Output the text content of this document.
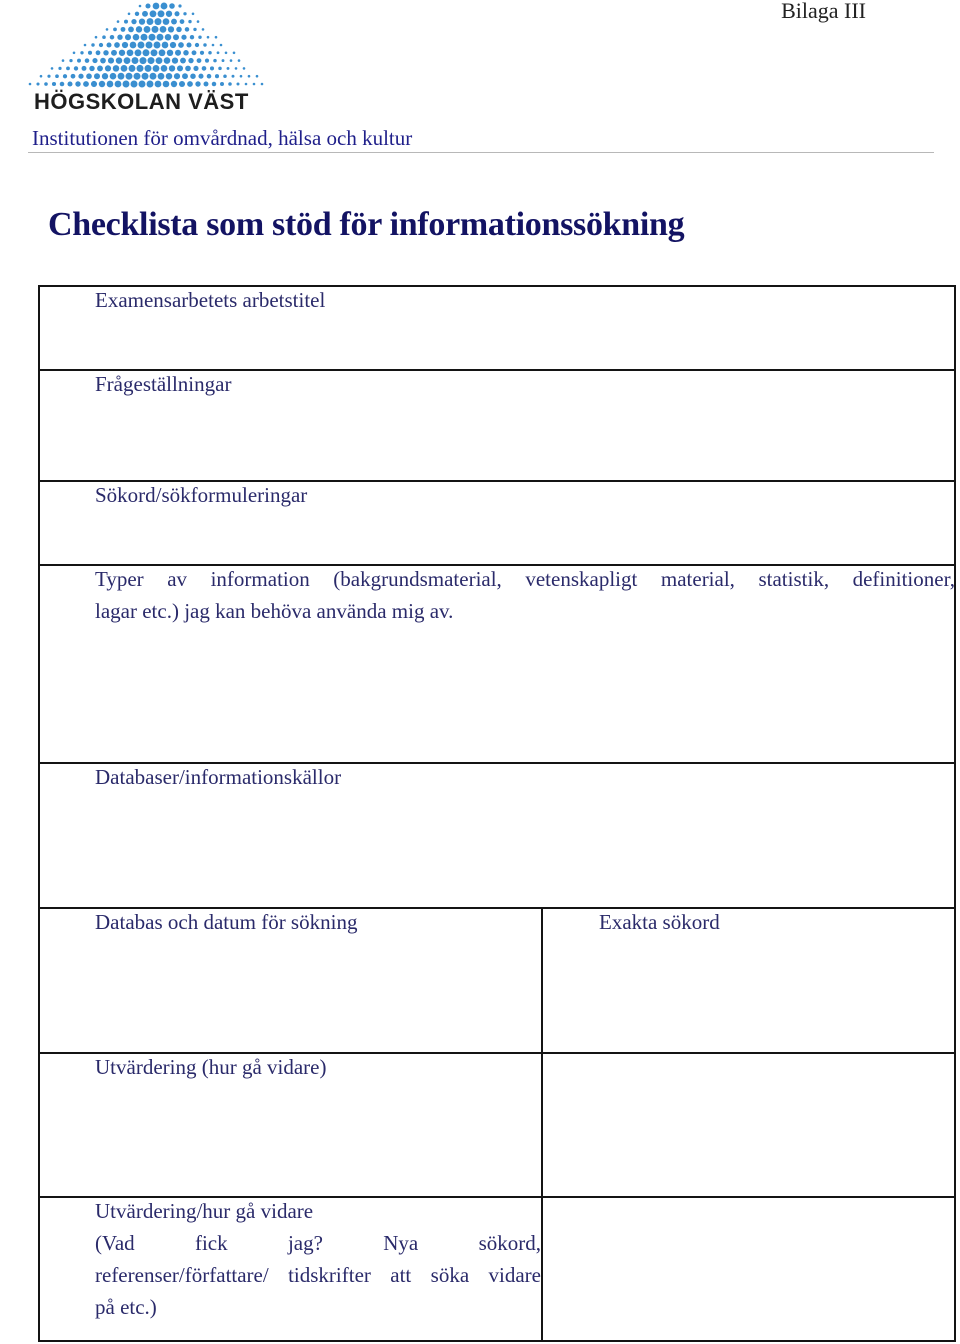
Bilaga III
HÖGSKOLAN VÄST
Institutionen för omvårdnad, hälsa och kultur
Checklista som stöd för informationssökning
Examensarbetets arbetstitel
Frågeställningar
Sökord/sökformuleringar
Typer av information (bakgrundsmaterial, vetenskapligt material, statistik, definitioner,
lagar etc.) jag kan behöva använda mig av.
Databaser/informationskällor
Databas och datum för sökning	Exakta sökord
Utvärdering (hur gå vidare)
Utvärdering/hur gå vidare
(Vad fick jag? Nya sökord,
referenser/författare/ tidskrifter att söka vidare
på etc.)
